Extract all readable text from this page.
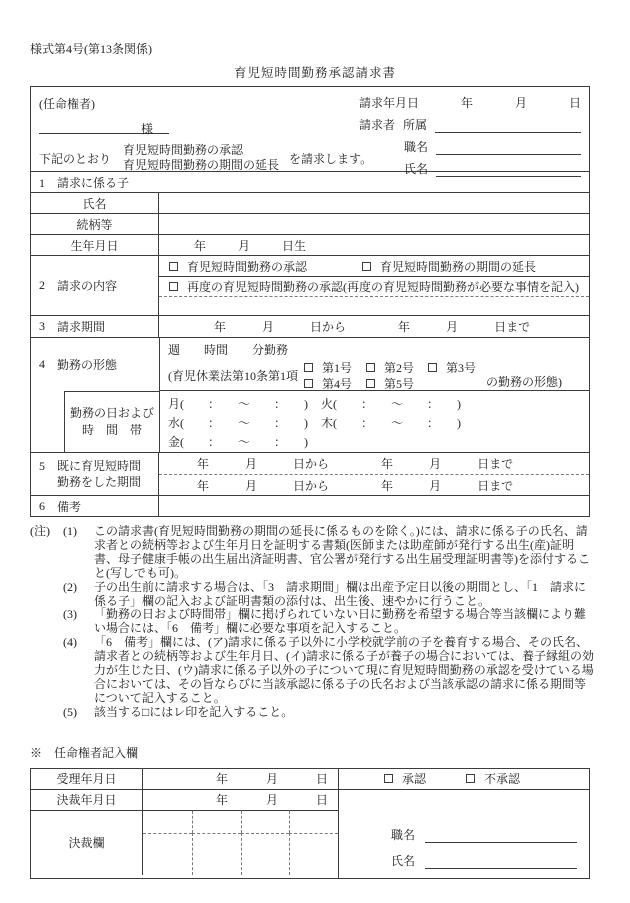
様式第4号(第13条関係)
育児短時間勤務承認請求書
(任命権者)
様
下記のとおり
育児短時間勤務の承認
育児短時間勤務の期間の延長 を請求します。
請求年月日	年	月	日
請求者 所属
職名
氏名
1 請求に係る子
氏名
続柄等
生年月日	年	月	日生
2	請求の内容
育児短時間勤務の承認	育児短時間勤務の期間の延長
再度の育児短時間勤務の承認(再度の育児短時間勤務が必要な事情を記入)
3	請求期間	年	月	日から	年	月	日まで
4	勤務の形態
勤務の日および
時　間　帯
週 時間 分勤務
(育児休業法第10条第1項
第1号	第2号	第3号
第4号	第5号	の勤務の形態)
月(　　：　　～　　：　　) 火(　　：　　～　　：　　)
水(　　：　　～　　：　　) 木(　　：　　～　　：　　)
金(　　：　　～　　：　　)
5 既に育児短時間
勤務をした期間
年	月	日から	年	月	日まで
年	月	日から	年	月	日まで
6	備考
(注)	(1)	この請求書(育児短時間勤務の期間の延長に係るものを除く。)には、請求に係る子の氏名、請求者との続柄等および生年月日を証明する書類(医師または助産師が発行する出生(産)証明書、母子健康手帳の出生届出済証明書、官公署が発行する出生届受理証明書等)を添付すること(写しでも可)。
(2)	子の出生前に請求する場合は、「3　請求期間」欄は出産予定日以後の期間とし、「1　請求に係る子」欄の記入および証明書類の添付は、出生後、速やかに行うこと。
(3)	「勤務の日および時間帯」欄に掲げられていない日に勤務を希望する場合等当該欄により難い場合には、「6　備考」欄に必要な事項を記入すること。
(4)	「6　備考」欄には、(ア)請求に係る子以外に小学校就学前の子を養育する場合、その氏名、請求者との続柄等および生年月日、(イ)請求に係る子が養子の場合においては、養子縁組の効力が生じた日、(ウ)請求に係る子以外の子について現に育児短時間勤務の承認を受けている場合においては、その旨ならびに当該承認に係る子の氏名および当該承認の請求に係る期間等について記入すること。
(5)	該当する□にはレ印を記入すること。
※　任命権者記入欄
受理年月日	年	月	日
決裁年月日	年	月	日
決裁欄
承認	不承認
職名
氏名
